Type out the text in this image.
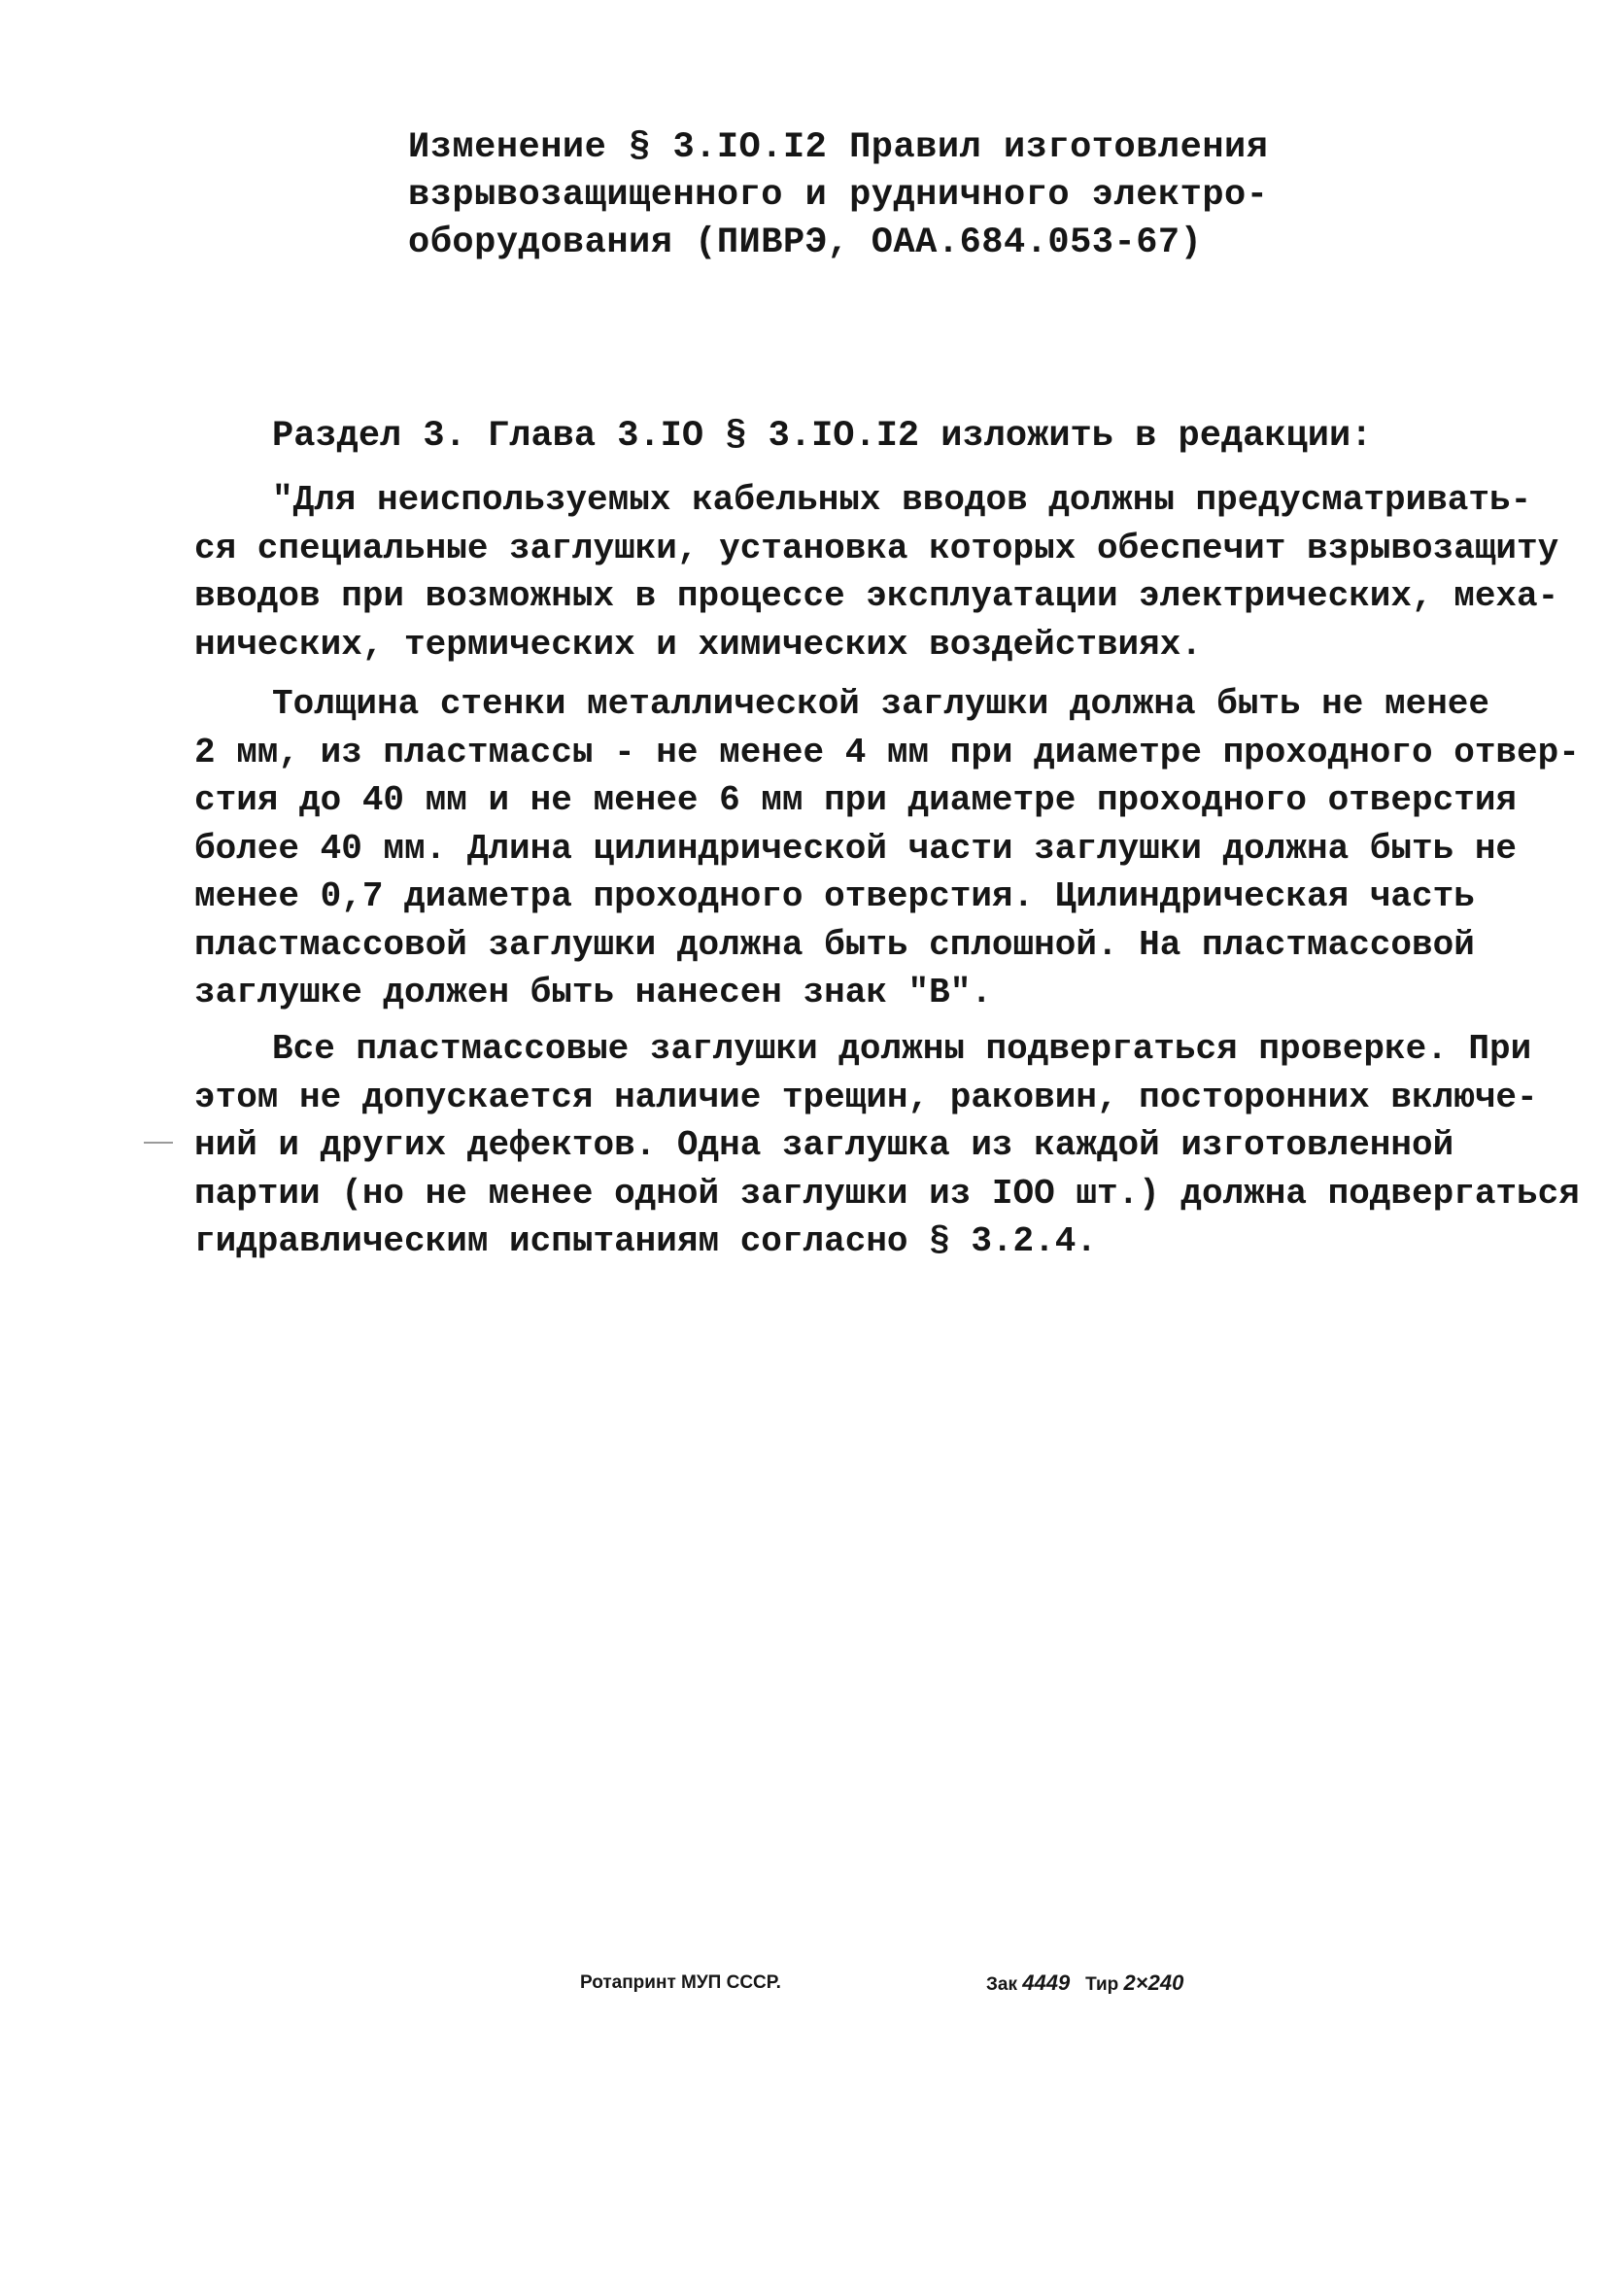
Изменение § 3.IO.I2 Правил изготовления
взрывозащищенного и рудничного электро-
оборудования (ПИВРЭ, ОАА.684.053-67)
Раздел 3. Глава 3.IO § 3.IO.I2 изложить в редакции:
"Для неиспользуемых кабельных вводов должны предусматривать-
ся специальные заглушки, установка которых обеспечит взрывозащиту
вводов при возможных в процессе эксплуатации электрических, меха-
нических, термических и химических воздействиях.
Толщина стенки металлической заглушки должна быть не менее
2 мм, из пластмассы - не менее 4 мм при диаметре проходного отвер-
стия до 40 мм и не менее 6 мм при диаметре проходного отверстия
более 40 мм. Длина цилиндрической части заглушки должна быть не
менее 0,7 диаметра проходного отверстия. Цилиндрическая часть
пластмассовой заглушки должна быть сплошной. На пластмассовой
заглушке должен быть нанесен знак "В".
Все пластмассовые заглушки должны подвергаться проверке. При
этом не допускается наличие трещин, раковин, посторонних включе-
ний и других дефектов. Одна заглушка из каждой изготовленной
партии (но не менее одной заглушки из IOO шт.) должна подвергаться
гидравлическим испытаниям согласно § 3.2.4.
Ротапринт МУП СССР.	Зак 4449 Тир 2×240
